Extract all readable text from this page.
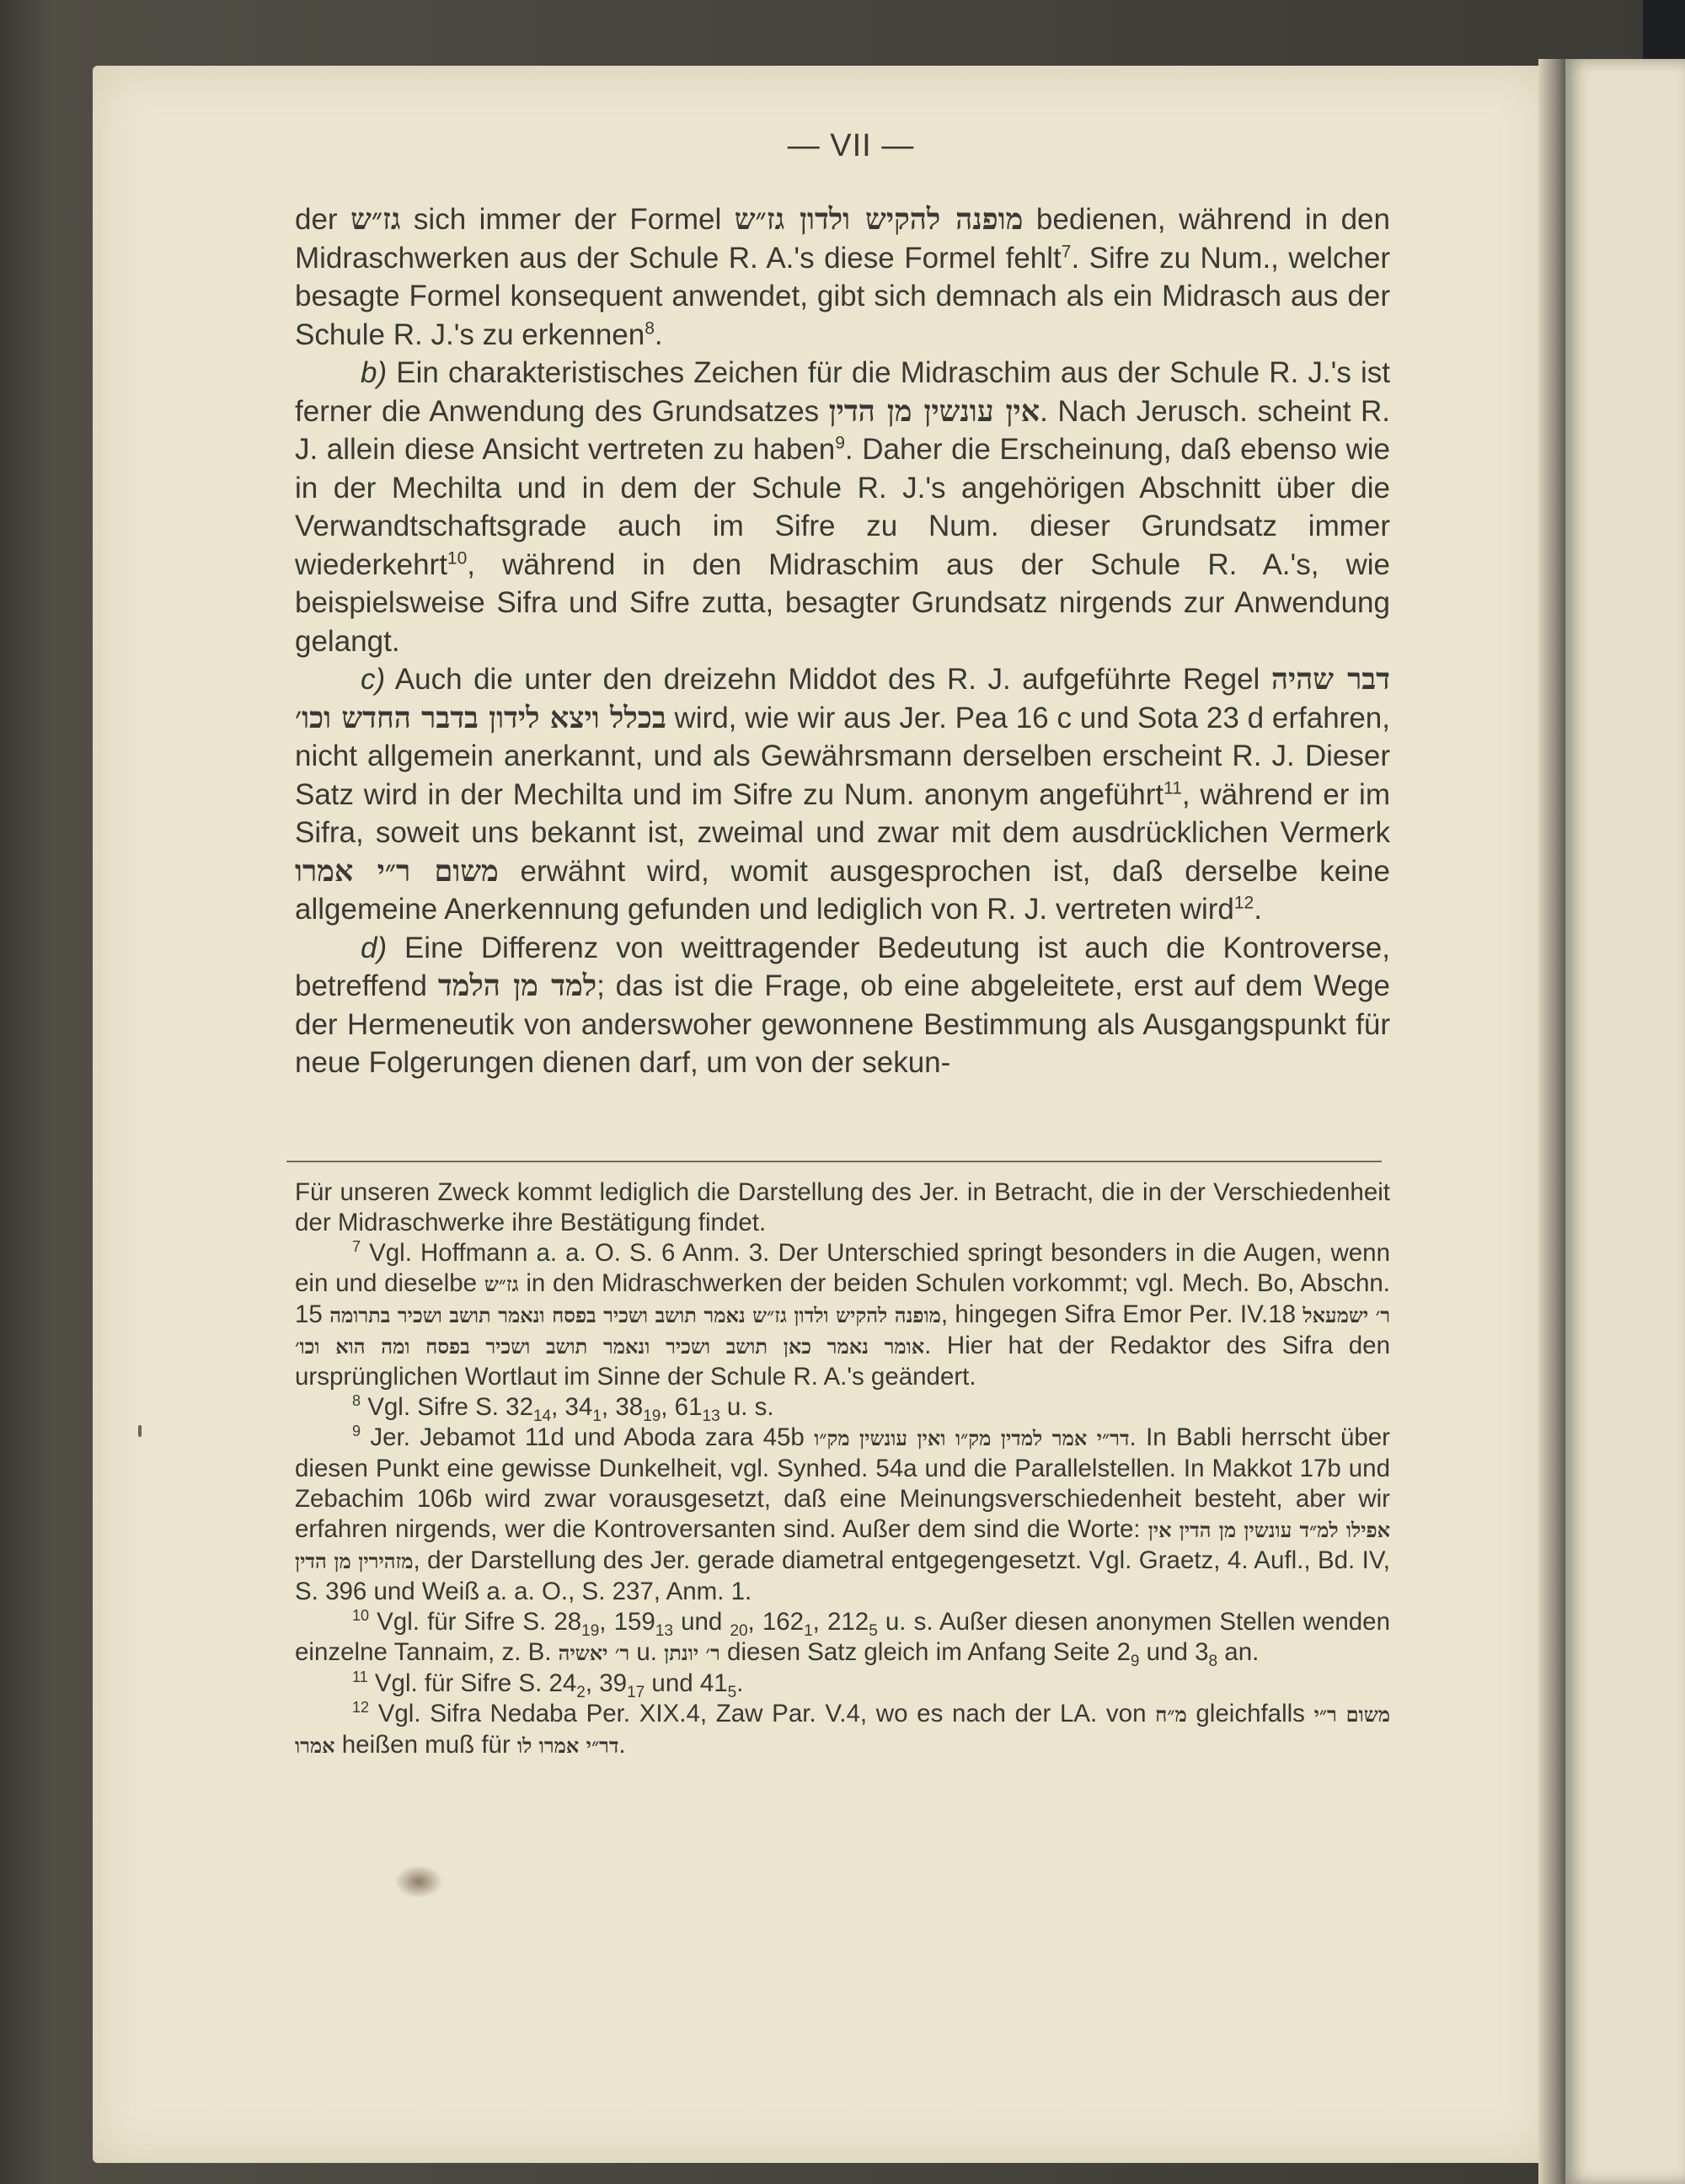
— VII —

der גז״ש sich immer der Formel מופנה להקיש ולדון גז״ש bedienen, während in den Midraschwerken aus der Schule R. A.'s diese Formel fehlt$^7$. Sifre zu Num., welcher besagte Formel konsequent anwendet, gibt sich demnach als ein Midrasch aus der Schule R. J.'s zu erkennen$^8$.

b) Ein charakteristisches Zeichen für die Midraschim aus der Schule R. J.'s ist ferner die Anwendung des Grundsatzes אין עונשין מן הדין. Nach Jerusch. scheint R. J. allein diese Ansicht vertreten zu haben$^9$. Daher die Erscheinung, daß ebenso wie in der Mechilta und in dem der Schule R. J.'s angehörigen Abschnitt über die Verwandtschaftsgrade auch im Sifre zu Num. dieser Grundsatz immer wiederkehrt$^{10}$, während in den Midraschim aus der Schule R. A.'s, wie beispielsweise Sifra und Sifre zutta, besagter Grundsatz nirgends zur Anwendung gelangt.

c) Auch die unter den dreizehn Middot des R. J. aufgeführte Regel דבר שהיה בכלל ויצא לידון בדבר החדש וכו׳ wird, wie wir aus Jer. Pea 16 c und Sota 23 d erfahren, nicht allgemein anerkannt, und als Gewährsmann derselben erscheint R. J. Dieser Satz wird in der Mechilta und im Sifre zu Num. anonym angeführt$^{11}$, während er im Sifra, soweit uns bekannt ist, zweimal und zwar mit dem ausdrücklichen Vermerk משום ר״י אמרו erwähnt wird, womit ausgesprochen ist, daß derselbe keine allgemeine Anerkennung gefunden und lediglich von R. J. vertreten wird$^{12}$.

d) Eine Differenz von weittragender Bedeutung ist auch die Kontroverse, betreffend למד מן הלמד; das ist die Frage, ob eine abgeleitete, erst auf dem Wege der Hermeneutik von anderswoher gewonnene Bestimmung als Ausgangspunkt für neue Folgerungen dienen darf, um von der sekun-

Für unseren Zweck kommt lediglich die Darstellung des Jer. in Betracht, die in der Verschiedenheit der Midraschwerke ihre Bestätigung findet.

$^7$ Vgl. Hoffmann a. a. O. S. 6 Anm. 3. Der Unterschied springt besonders in die Augen, wenn ein und dieselbe גז״ש in den Midraschwerken der beiden Schulen vorkommt; vgl. Mech. Bo, Abschn. 15 מופנה להקיש ולדון גז״ש נאמר תושב ושכיר בפסח ונאמר תושב ושכיר בתרומה, hingegen Sifra Emor Per. IV.18 ר׳ ישמעאל אומר נאמר כאן תושב ושכיר ונאמר תושב ושכיר בפסח ומה הוא וכו׳. Hier hat der Redaktor des Sifra den ursprünglichen Wortlaut im Sinne der Schule R. A.'s geändert.

$^8$ Vgl. Sifre S. $32_{14}$, $34_1$, $38_{19}$, $61_{13}$ u. s.

$^9$ Jer. Jebamot 11d und Aboda zara 45b דר״י אמר למדין מק״ו ואין עונשין מק״ו. In Babli herrscht über diesen Punkt eine gewisse Dunkelheit, vgl. Synhed. 54a und die Parallelstellen. In Makkot 17b und Zebachim 106b wird zwar vorausgesetzt, daß eine Meinungsverschiedenheit besteht, aber wir erfahren nirgends, wer die Kontroversanten sind. Außer dem sind die Worte: אפילו למ״ד עונשין מן הדין אין מזהירין מן הדין, der Darstellung des Jer. gerade diametral entgegengesetzt. Vgl. Graetz, 4. Aufl., Bd. IV, S. 396 und Weiß a. a. O., S. 237, Anm. 1.

$^{10}$ Vgl. für Sifre S. $28_{19}$, $159_{13}$ und $_{20}$, $162_1$, $212_5$ u. s. Außer diesen anonymen Stellen wenden einzelne Tannaim, z. B. ר׳ יאשיה u. ר׳ יונתן diesen Satz gleich im Anfang Seite $2_9$ und $3_8$ an.

$^{11}$ Vgl. für Sifre S. $24_2$, $39_{17}$ und $41_5$.

$^{12}$ Vgl. Sifra Nedaba Per. XIX.4, Zaw Par. V.4, wo es nach der LA. von מ״ח gleichfalls משום ר״י אמרו heißen muß für דר״י אמרו לו.
